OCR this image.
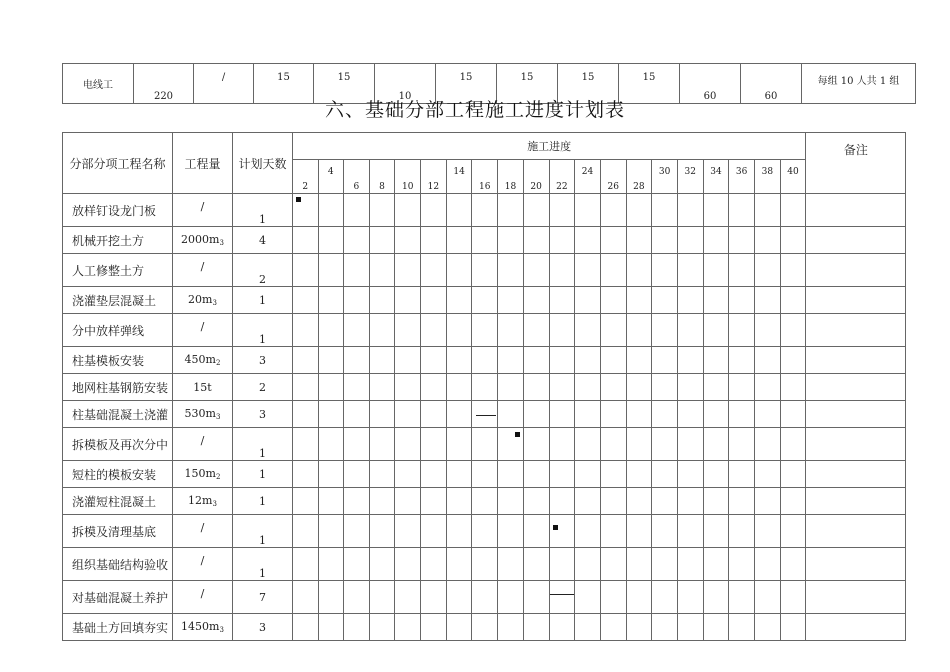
电线工	220	/	15	15	10	15	15	15	15	60	60	每组 10 人共 1 组
六、基础分部工程施工进度计划表
分部分项工程名称	工程量	计划天数	施工进度																				备注
			2	4	6	8	10	12	14	16	18	20	22	24	26	28	30	32	34	36	38	40	
放样钉设龙门板	/	1	

机械开挖土方	$2000m_3$	4																					
人工修整土方	/	2																					
浇灌垫层混凝土	$20m_3$	1																					
分中放样弹线	/	1																					
柱基模板安装	$450m_2$	3																					
地网柱基钢筋安装	15t	2																					
柱基础混凝土浇灌	$530m_3$	3								

拆模板及再次分中	/	1									

短柱的模板安装	$150m_2$	1																					
浇灌短柱混凝土	$12m_3$	1																					
拆模及清理基底	/	1											

组织基础结构验收	/	1																					
对基础混凝土养护	/	7											

基础土方回填夯实	$1450m_3$	3																					
